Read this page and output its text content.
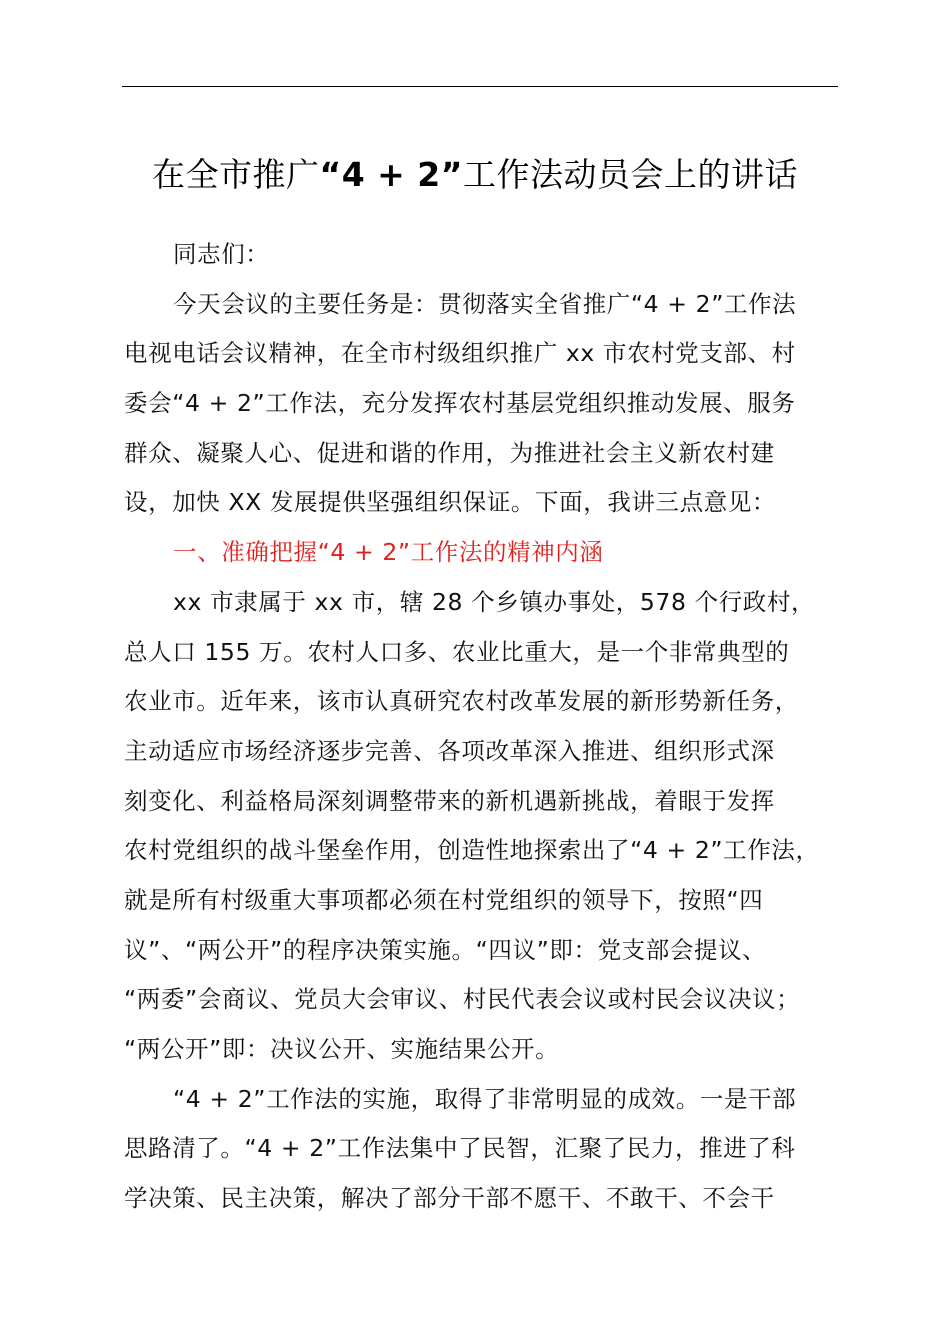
在全市推广“4 + 2”工作法动员会上的讲话
同志们：
今天会议的主要任务是：贯彻落实全省推广“4 + 2”工作法
电视电话会议精神，在全市村级组织推广 xx 市农村党支部、村
委会“4 + 2”工作法，充分发挥农村基层党组织推动发展、服务
群众、凝聚人心、促进和谐的作用，为推进社会主义新农村建
设，加快 XX 发展提供坚强组织保证。下面，我讲三点意见：
一、准确把握“4 + 2”工作法的精神内涵
xx 市隶属于 xx 市，辖 28 个乡镇办事处，578 个行政村，
总人口 155 万。农村人口多、农业比重大，是一个非常典型的
农业市。近年来，该市认真研究农村改革发展的新形势新任务，
主动适应市场经济逐步完善、各项改革深入推进、组织形式深
刻变化、利益格局深刻调整带来的新机遇新挑战，着眼于发挥
农村党组织的战斗堡垒作用，创造性地探索出了“4 + 2”工作法，
就是所有村级重大事项都必须在村党组织的领导下，按照“四
议”、“两公开”的程序决策实施。“四议”即：党支部会提议、
“两委”会商议、党员大会审议、村民代表会议或村民会议决议；
“两公开”即：决议公开、实施结果公开。
“4 + 2”工作法的实施，取得了非常明显的成效。一是干部
思路清了。“4 + 2”工作法集中了民智，汇聚了民力，推进了科
学决策、民主决策，解决了部分干部不愿干、不敢干、不会干
